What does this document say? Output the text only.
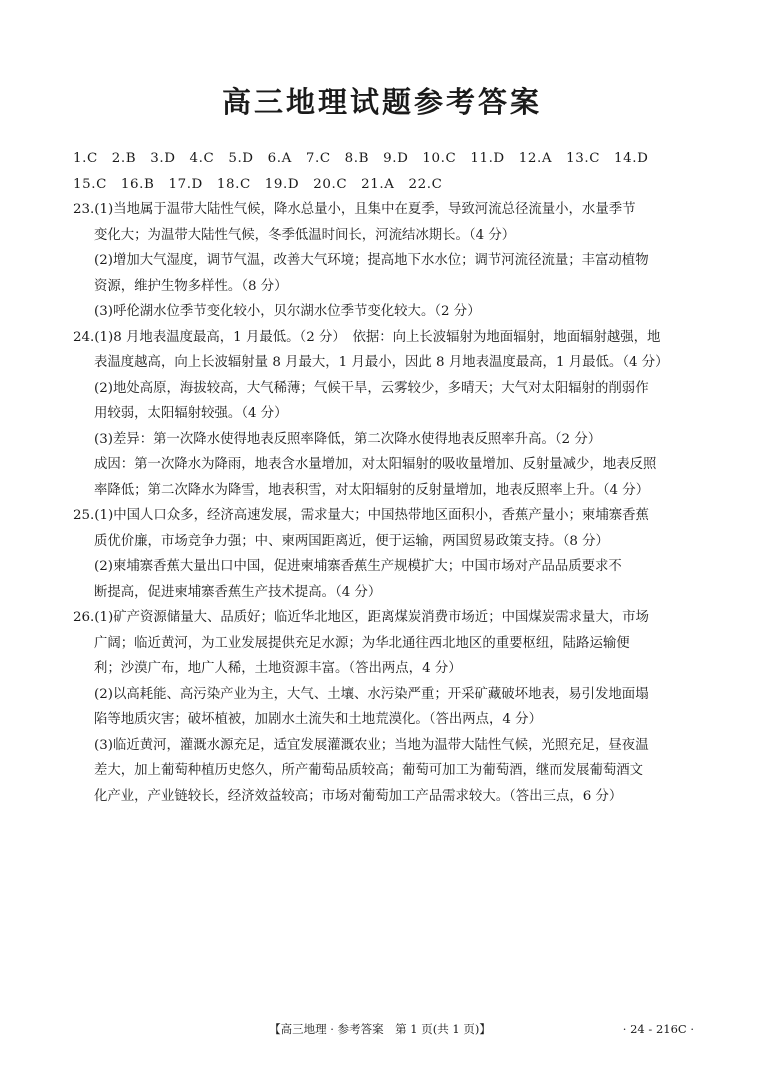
高三地理试题参考答案
1.C　2.B　3.D　4.C　5.D　6.A　7.C　8.B　9.D　10.C　11.D　12.A　13.C　14.D
15.C　16.B　17.D　18.C　19.D　20.C　21.A　22.C
23.(1)当地属于温带大陆性气候，降水总量小，且集中在夏季，导致河流总径流量小，水量季节
变化大；为温带大陆性气候，冬季低温时间长，河流结冰期长。（4 分）
(2)增加大气湿度，调节气温，改善大气环境；提高地下水水位；调节河流径流量；丰富动植物
资源，维护生物多样性。（8 分）
(3)呼伦湖水位季节变化较小，贝尔湖水位季节变化较大。（2 分）
24.(1)8 月地表温度最高，1 月最低。（2 分）　依据：向上长波辐射为地面辐射，地面辐射越强，地
表温度越高，向上长波辐射量 8 月最大，1 月最小，因此 8 月地表温度最高，1 月最低。（4 分）
(2)地处高原，海拔较高，大气稀薄；气候干旱，云雾较少，多晴天；大气对太阳辐射的削弱作
用较弱，太阳辐射较强。（4 分）
(3)差异：第一次降水使得地表反照率降低，第二次降水使得地表反照率升高。（2 分）
成因：第一次降水为降雨，地表含水量增加，对太阳辐射的吸收量增加、反射量减少，地表反照
率降低；第二次降水为降雪，地表积雪，对太阳辐射的反射量增加，地表反照率上升。（4 分）
25.(1)中国人口众多，经济高速发展，需求量大；中国热带地区面积小，香蕉产量小；柬埔寨香蕉
质优价廉，市场竞争力强；中、柬两国距离近，便于运输，两国贸易政策支持。（8 分）
(2)柬埔寨香蕉大量出口中国，促进柬埔寨香蕉生产规模扩大；中国市场对产品品质要求不
断提高，促进柬埔寨香蕉生产技术提高。（4 分）
26.(1)矿产资源储量大、品质好；临近华北地区，距离煤炭消费市场近；中国煤炭需求量大，市场
广阔；临近黄河，为工业发展提供充足水源；为华北通往西北地区的重要枢纽，陆路运输便
利；沙漠广布，地广人稀，土地资源丰富。（答出两点，4 分）
(2)以高耗能、高污染产业为主，大气、土壤、水污染严重；开采矿藏破坏地表，易引发地面塌
陷等地质灾害；破坏植被，加剧水土流失和土地荒漠化。（答出两点，4 分）
(3)临近黄河，灌溉水源充足，适宜发展灌溉农业；当地为温带大陆性气候，光照充足，昼夜温
差大，加上葡萄种植历史悠久，所产葡萄品质较高；葡萄可加工为葡萄酒，继而发展葡萄酒文
化产业，产业链较长，经济效益较高；市场对葡萄加工产品需求较大。（答出三点，6 分）
【高三地理 · 参考答案　第 1 页(共 1 页)】	· 24 - 216C ·
